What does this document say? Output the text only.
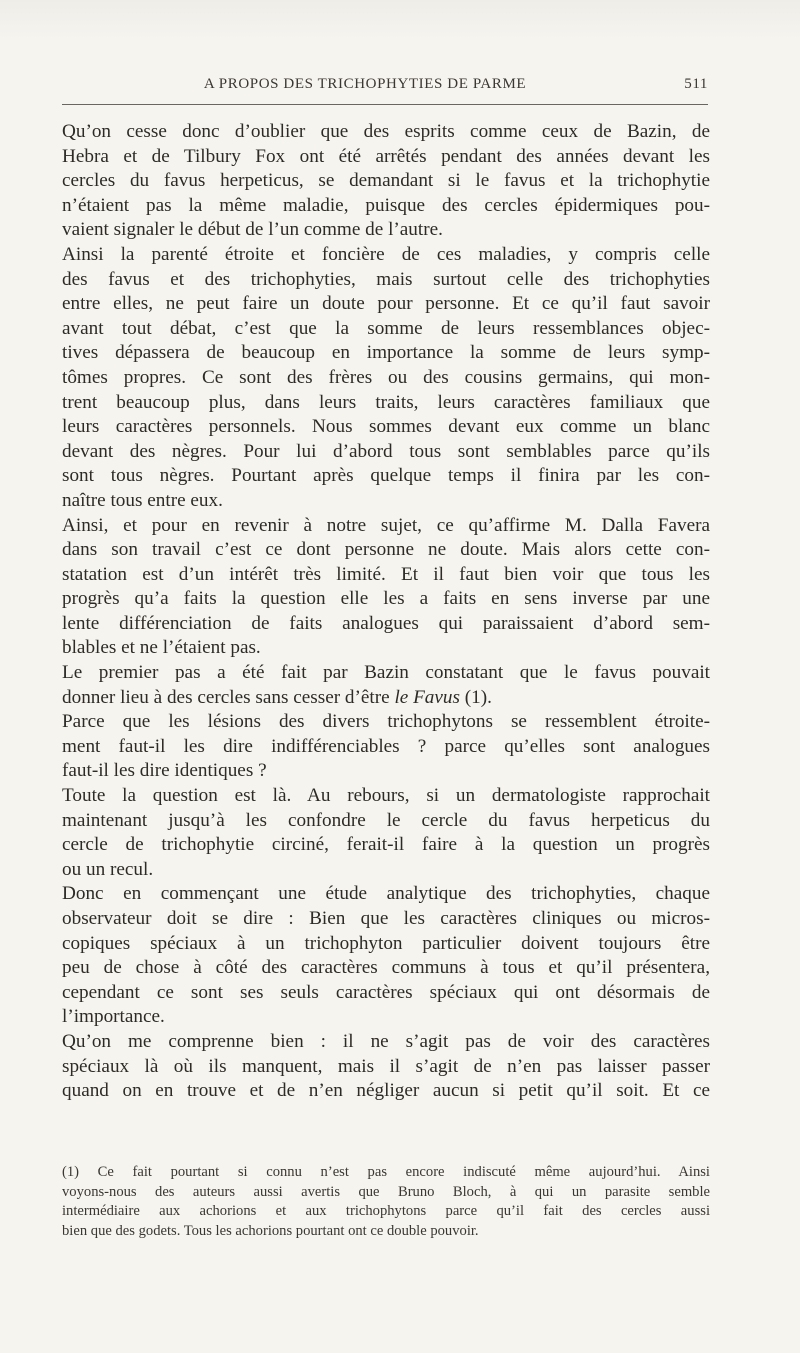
A PROPOS DES TRICHOPHYTIES DE PARME	511

Qu’on cesse donc d’oublier que des esprits comme ceux de Bazin, de
Hebra et de Tilbury Fox ont été arrêtés pendant des années devant les
cercles du favus herpeticus, se demandant si le favus et la trichophytie
n’étaient pas la même maladie, puisque des cercles épidermiques pou-
vaient signaler le début de l’un comme de l’autre.

Ainsi la parenté étroite et foncière de ces maladies, y compris celle
des favus et des trichophyties, mais surtout celle des trichophyties
entre elles, ne peut faire un doute pour personne. Et ce qu’il faut savoir
avant tout débat, c’est que la somme de leurs ressemblances objec-
tives dépassera de beaucoup en importance la somme de leurs symp-
tômes propres. Ce sont des frères ou des cousins germains, qui mon-
trent beaucoup plus, dans leurs traits, leurs caractères familiaux que
leurs caractères personnels. Nous sommes devant eux comme un blanc
devant des nègres. Pour lui d’abord tous sont semblables parce qu’ils
sont tous nègres. Pourtant après quelque temps il finira par les con-
naître tous entre eux.

Ainsi, et pour en revenir à notre sujet, ce qu’affirme M. Dalla Favera
dans son travail c’est ce dont personne ne doute. Mais alors cette con-
statation est d’un intérêt très limité. Et il faut bien voir que tous les
progrès qu’a faits la question elle les a faits en sens inverse par une
lente différenciation de faits analogues qui paraissaient d’abord sem-
blables et ne l’étaient pas.

Le premier pas a été fait par Bazin constatant que le favus pouvait
donner lieu à des cercles sans cesser d’être le Favus (1).

Parce que les lésions des divers trichophytons se ressemblent étroite-
ment faut-il les dire indifférenciables ? parce qu’elles sont analogues
faut-il les dire identiques ?

Toute la question est là. Au rebours, si un dermatologiste rapprochait
maintenant jusqu’à les confondre le cercle du favus herpeticus du
cercle de trichophytie circiné, ferait-il faire à la question un progrès
ou un recul.

Donc en commençant une étude analytique des trichophyties, chaque
observateur doit se dire : Bien que les caractères cliniques ou micros-
copiques spéciaux à un trichophyton particulier doivent toujours être
peu de chose à côté des caractères communs à tous et qu’il présentera,
cependant ce sont ses seuls caractères spéciaux qui ont désormais de
l’importance.

Qu’on me comprenne bien : il ne s’agit pas de voir des caractères
spéciaux là où ils manquent, mais il s’agit de n’en pas laisser passer
quand on en trouve et de n’en négliger aucun si petit qu’il soit. Et ce

(1) Ce fait pourtant si connu n’est pas encore indiscuté même aujourd’hui. Ainsi
voyons-nous des auteurs aussi avertis que Bruno Bloch, à qui un parasite semble
intermédiaire aux achorions et aux trichophytons parce qu’il fait des cercles aussi
bien que des godets. Tous les achorions pourtant ont ce double pouvoir.
